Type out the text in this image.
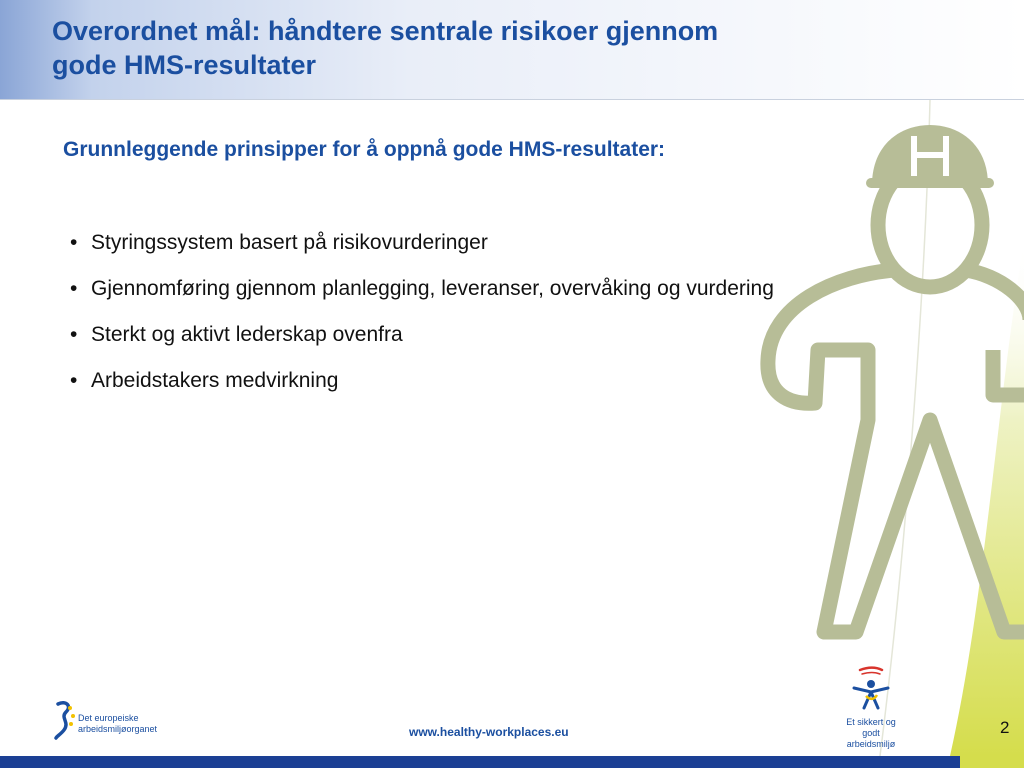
Overordnet mål: håndtere sentrale risikoer gjennom
gode HMS-resultater
Grunnleggende prinsipper for å oppnå gode HMS-resultater:
• Styringssystem basert på risikovurderinger
• Gjennomføring gjennom planlegging, leveranser, overvåking og vurdering
• Sterkt og aktivt lederskap ovenfra
• Arbeidstakers medvirkning
Det europeiske
arbeidsmiljøorganet	www.healthy-workplaces.eu
Et sikkert og godt
arbeidsmiljø
2
